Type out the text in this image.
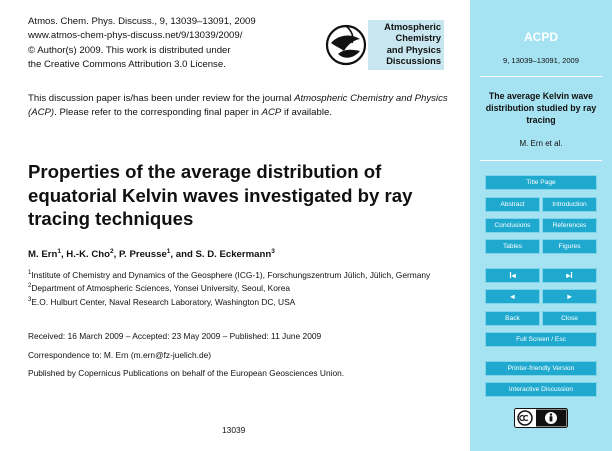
Atmos. Chem. Phys. Discuss., 9, 13039–13091, 2009
www.atmos-chem-phys-discuss.net/9/13039/2009/
© Author(s) 2009. This work is distributed under
the Creative Commons Attribution 3.0 License.
Atmospheric
Chemistry
and Physics
Discussions
This discussion paper is/has been under review for the journal Atmospheric Chemistry and Physics (ACP). Please refer to the corresponding final paper in ACP if available.
Properties of the average distribution of equatorial Kelvin waves investigated by ray tracing techniques
M. Ern$^1$, H.-K. Cho$^2$, P. Preusse$^1$, and S. D. Eckermann$^3$
$^1$Institute of Chemistry and Dynamics of the Geosphere (ICG-1), Forschungszentrum Jülich, Jülich, Germany
$^2$Department of Atmospheric Sciences, Yonsei University, Seoul, Korea
$^3$E.O. Hulburt Center, Naval Research Laboratory, Washington DC, USA
Received: 16 March 2009 – Accepted: 23 May 2009 – Published: 11 June 2009
Correspondence to: M. Ern (m.ern@fz-juelich.de)
Published by Copernicus Publications on behalf of the European Geosciences Union.
13039
ACPD
9, 13039–13091, 2009
The average Kelvin wave distribution studied by ray tracing
M. Ern et al.
Title Page
Abstract	Introduction
Conclusions	References
Tables	Figures
I◂	▸I
◂	▸
Back	Close
Full Screen / Esc
Printer-friendly Version
Interactive Discussion
